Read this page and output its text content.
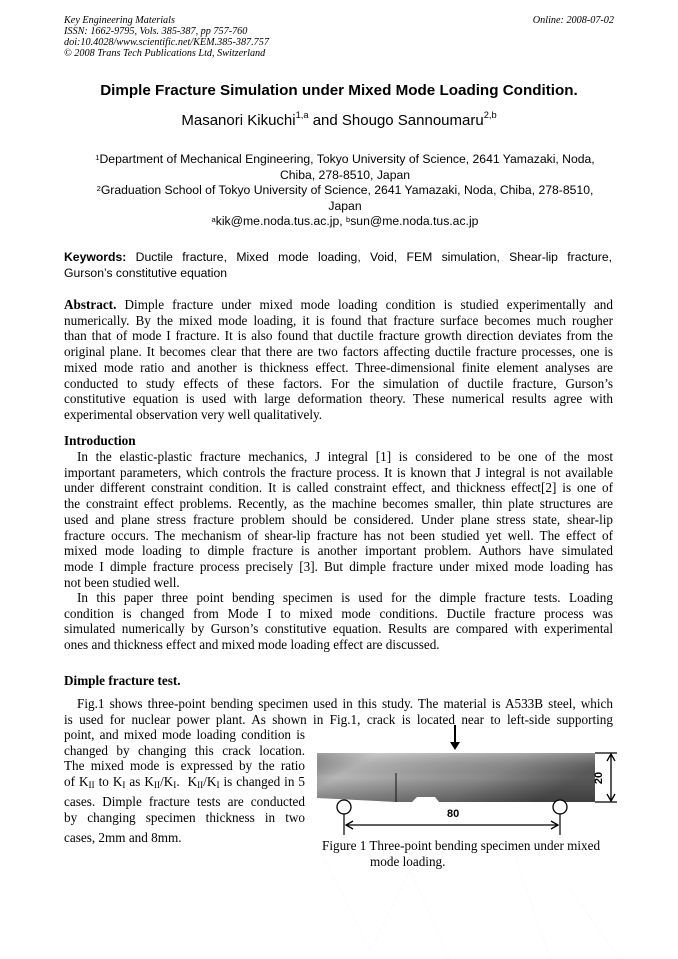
Key Engineering Materials
ISSN: 1662-9795, Vols. 385-387, pp 757-760
doi:10.4028/www.scientific.net/KEM.385-387.757
© 2008 Trans Tech Publications Ltd, Switzerland
Online: 2008-07-02
Dimple Fracture Simulation under Mixed Mode Loading Condition.
Masanori Kikuchi$^{1,a}$ and Shougo Sannoumaru$^{2,b}$
$^1$Department of Mechanical Engineering, Tokyo University of Science, 2641 Yamazaki, Noda,
Chiba, 278-8510, Japan
$^2$Graduation School of Tokyo University of Science, 2641 Yamazaki, Noda, Chiba, 278-8510,
Japan
$^a$kik@me.noda.tus.ac.jp, $^b$sun@me.noda.tus.ac.jp
Keywords: Ductile fracture, Mixed mode loading, Void, FEM simulation, Shear-lip fracture,
Gurson’s constitutive equation
Abstract. Dimple fracture under mixed mode loading condition is studied experimentally and
numerically. By the mixed mode loading, it is found that fracture surface becomes much rougher
than that of mode I fracture. It is also found that ductile fracture growth direction deviates from the
original plane. It becomes clear that there are two factors affecting ductile fracture processes, one is
mixed mode ratio and another is thickness effect. Three-dimensional finite element analyses are
conducted to study effects of these factors. For the simulation of ductile fracture, Gurson’s
constitutive equation is used with large deformation theory. These numerical results agree with
experimental observation very well qualitatively.
Introduction
In the elastic-plastic fracture mechanics, J integral [1] is considered to be one of the most
important parameters, which controls the fracture process. It is known that J integral is not available
under different constraint condition. It is called constraint effect, and thickness effect[2] is one of
the constraint effect problems. Recently, as the machine becomes smaller, thin plate structures are
used and plane stress fracture problem should be considered. Under plane stress state, shear-lip
fracture occurs. The mechanism of shear-lip fracture has not been studied yet well. The effect of
mixed mode loading to dimple fracture is another important problem. Authors have simulated
mode I dimple fracture process precisely [3]. But dimple fracture under mixed mode loading has
not been studied well.
In this paper three point bending specimen is used for the dimple fracture tests. Loading
condition is changed from Mode I to mixed mode conditions. Ductile fracture process was
simulated numerically by Gurson’s constitutive equation. Results are compared with experimental
ones and thickness effect and mixed mode loading effect are discussed.
Dimple fracture test.
Fig.1 shows three-point bending specimen used in this study. The material is A533B steel, which
is used for nuclear power plant. As shown in Fig.1, crack is located near to left-side supporting
point, and mixed mode loading condition is
changed by changing this crack location.
The mixed mode is expressed by the ratio
of $K_{II}$ to $K_I$ as $K_{II}/K_I$.  $K_{II}/K_I$ is changed in 5
cases. Dimple fracture tests are conducted
by changing specimen thickness in two
cases, 2mm and 8mm.
80
20
Figure 1 Three-point bending specimen under mixed
mode loading.
